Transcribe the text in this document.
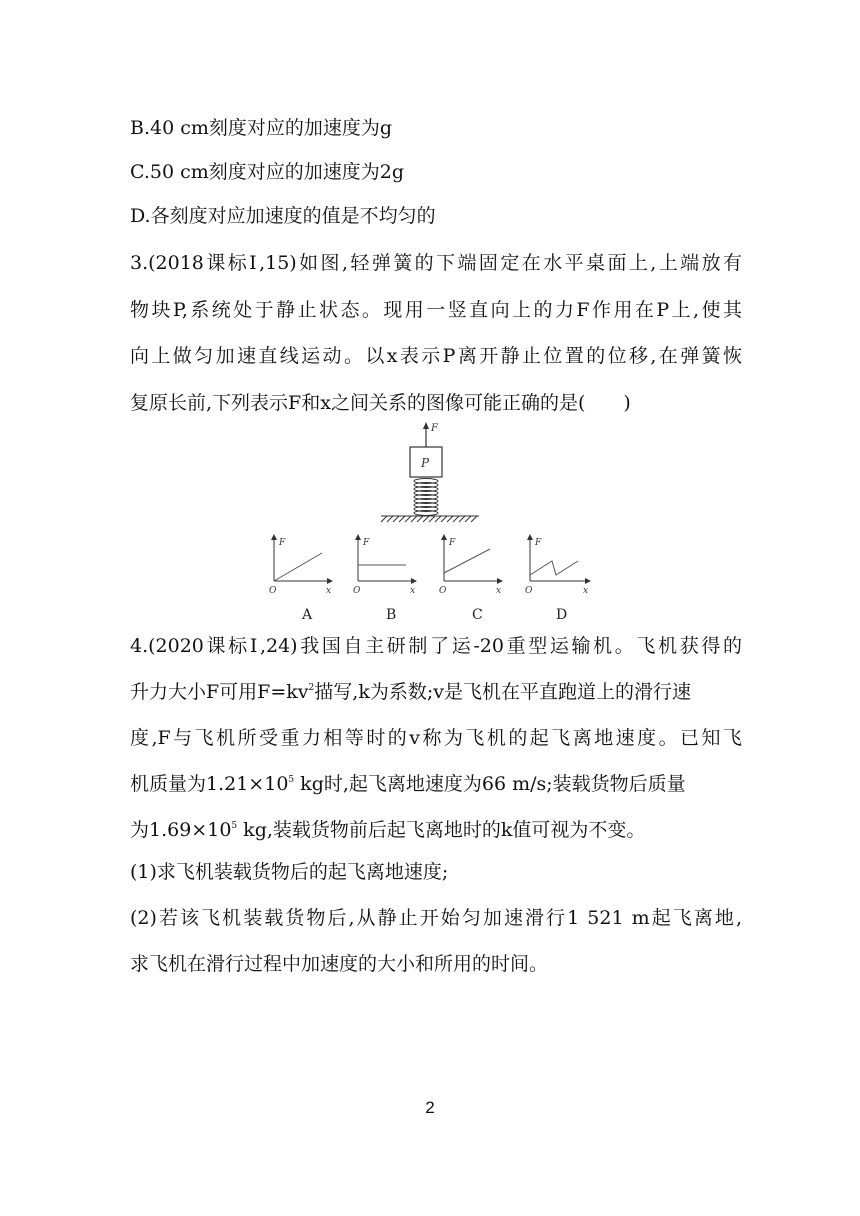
B.40 cm刻度对应的加速度为g
C.50 cm刻度对应的加速度为2g
D.各刻度对应加速度的值是不均匀的
3.(2018课标Ⅰ,15)如图,轻弹簧的下端固定在水平桌面上,上端放有
物块P,系统处于静止状态。现用一竖直向上的力F作用在P上,使其
向上做匀加速直线运动。以x表示P离开静止位置的位移,在弹簧恢
复原长前,下列表示F和x之间关系的图像可能正确的是(　　)
F
P
F
x
O
A
F
x
O
B
F
x
O
C
F
x
O
D
4.(2020课标Ⅰ,24)我国自主研制了运-20重型运输机。飞机获得的
升力大小F可用$F=kv^2$描写,k为系数;v是飞机在平直跑道上的滑行速
度,F与飞机所受重力相等时的v称为飞机的起飞离地速度。已知飞
机质量为$1.21\times 10^5$ kg时,起飞离地速度为66 m/s;装载货物后质量
为$1.69\times 10^5$ kg,装载货物前后起飞离地时的k值可视为不变。
(1)求飞机装载货物后的起飞离地速度;
(2)若该飞机装载货物后,从静止开始匀加速滑行1 521 m起飞离地,
求飞机在滑行过程中加速度的大小和所用的时间。
2
